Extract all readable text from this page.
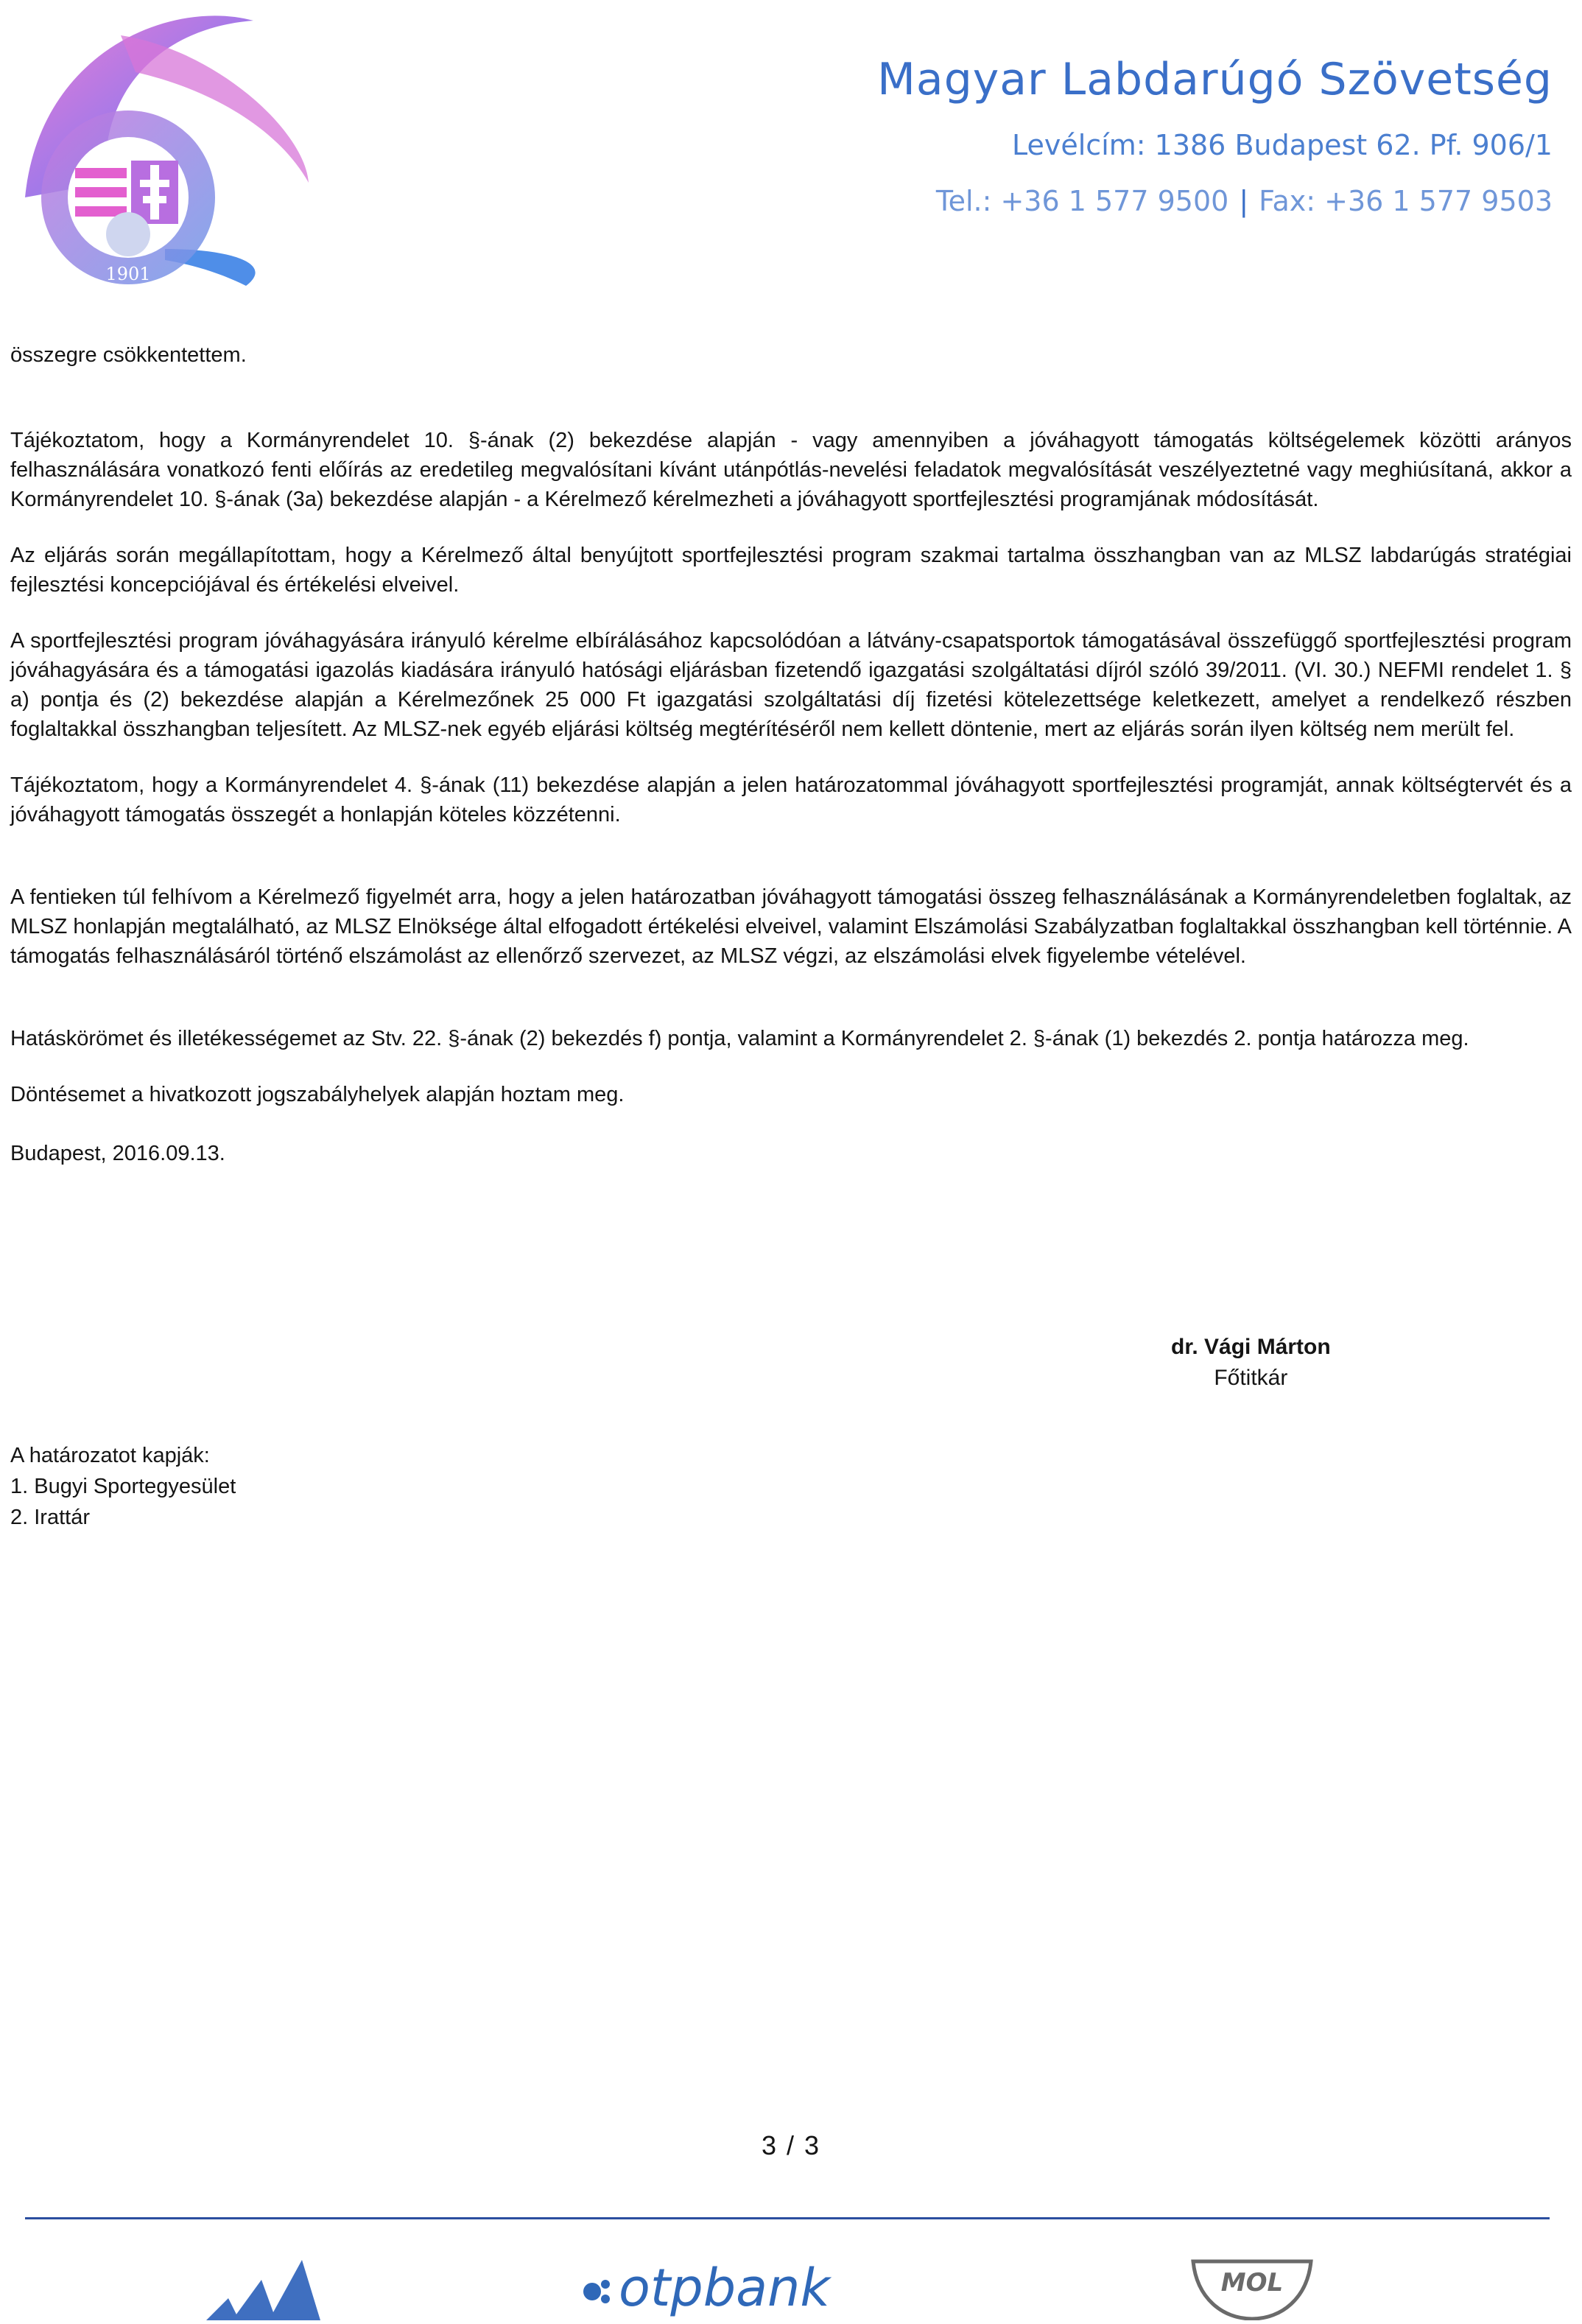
1901
Magyar Labdarúgó Szövetség
Levélcím: 1386 Budapest 62. Pf. 906/1
Tel.: +36 1 577 9500 | Fax: +36 1 577 9503

összegre csökkentettem.

Tájékoztatom, hogy a Kormányrendelet 10. §-ának (2) bekezdése alapján - vagy amennyiben a jóváhagyott támogatás költségelemek közötti arányos felhasználására vonatkozó fenti előírás az eredetileg megvalósítani kívánt utánpótlás-nevelési feladatok megvalósítását veszélyeztetné vagy meghiúsítaná, akkor a Kormányrendelet 10. §-ának (3a) bekezdése alapján - a Kérelmező kérelmezheti a jóváhagyott sportfejlesztési programjának módosítását.

Az eljárás során megállapítottam, hogy a Kérelmező által benyújtott sportfejlesztési program szakmai tartalma összhangban van az MLSZ labdarúgás stratégiai fejlesztési koncepciójával és értékelési elveivel.

A sportfejlesztési program jóváhagyására irányuló kérelme elbírálásához kapcsolódóan a látvány-csapatsportok támogatásával összefüggő sportfejlesztési program jóváhagyására és a támogatási igazolás kiadására irányuló hatósági eljárásban fizetendő igazgatási szolgáltatási díjról szóló 39/2011. (VI. 30.) NEFMI rendelet 1. § a) pontja és (2) bekezdése alapján a Kérelmezőnek 25 000 Ft igazgatási szolgáltatási díj fizetési kötelezettsége keletkezett, amelyet a rendelkező részben foglaltakkal összhangban teljesített. Az MLSZ-nek egyéb eljárási költség megtérítéséről nem kellett döntenie, mert az eljárás során ilyen költség nem merült fel.

Tájékoztatom, hogy a Kormányrendelet 4. §-ának (11) bekezdése alapján a jelen határozatommal jóváhagyott sportfejlesztési programját, annak költségtervét és a jóváhagyott támogatás összegét a honlapján köteles közzétenni.

A fentieken túl felhívom a Kérelmező figyelmét arra, hogy a jelen határozatban jóváhagyott támogatási összeg felhasználásának a Kormányrendeletben foglaltak, az MLSZ honlapján megtalálható, az MLSZ Elnöksége által elfogadott értékelési elveivel, valamint Elszámolási Szabályzatban foglaltakkal összhangban kell történnie. A támogatás felhasználásáról történő elszámolást az ellenőrző szervezet, az MLSZ végzi, az elszámolási elvek figyelembe vételével.

Hatáskörömet és illetékességemet az Stv. 22. §-ának (2) bekezdés f) pontja, valamint a Kormányrendelet 2. §-ának (1) bekezdés 2. pontja határozza meg.

Döntésemet a hivatkozott jogszabályhelyek alapján hoztam meg.

Budapest, 2016.09.13.

dr. Vági Márton
Főtitkár
A határozatot kapják:
1. Bugyi Sportegyesület
2. Irattár
3 / 3
otpbank	MOL
